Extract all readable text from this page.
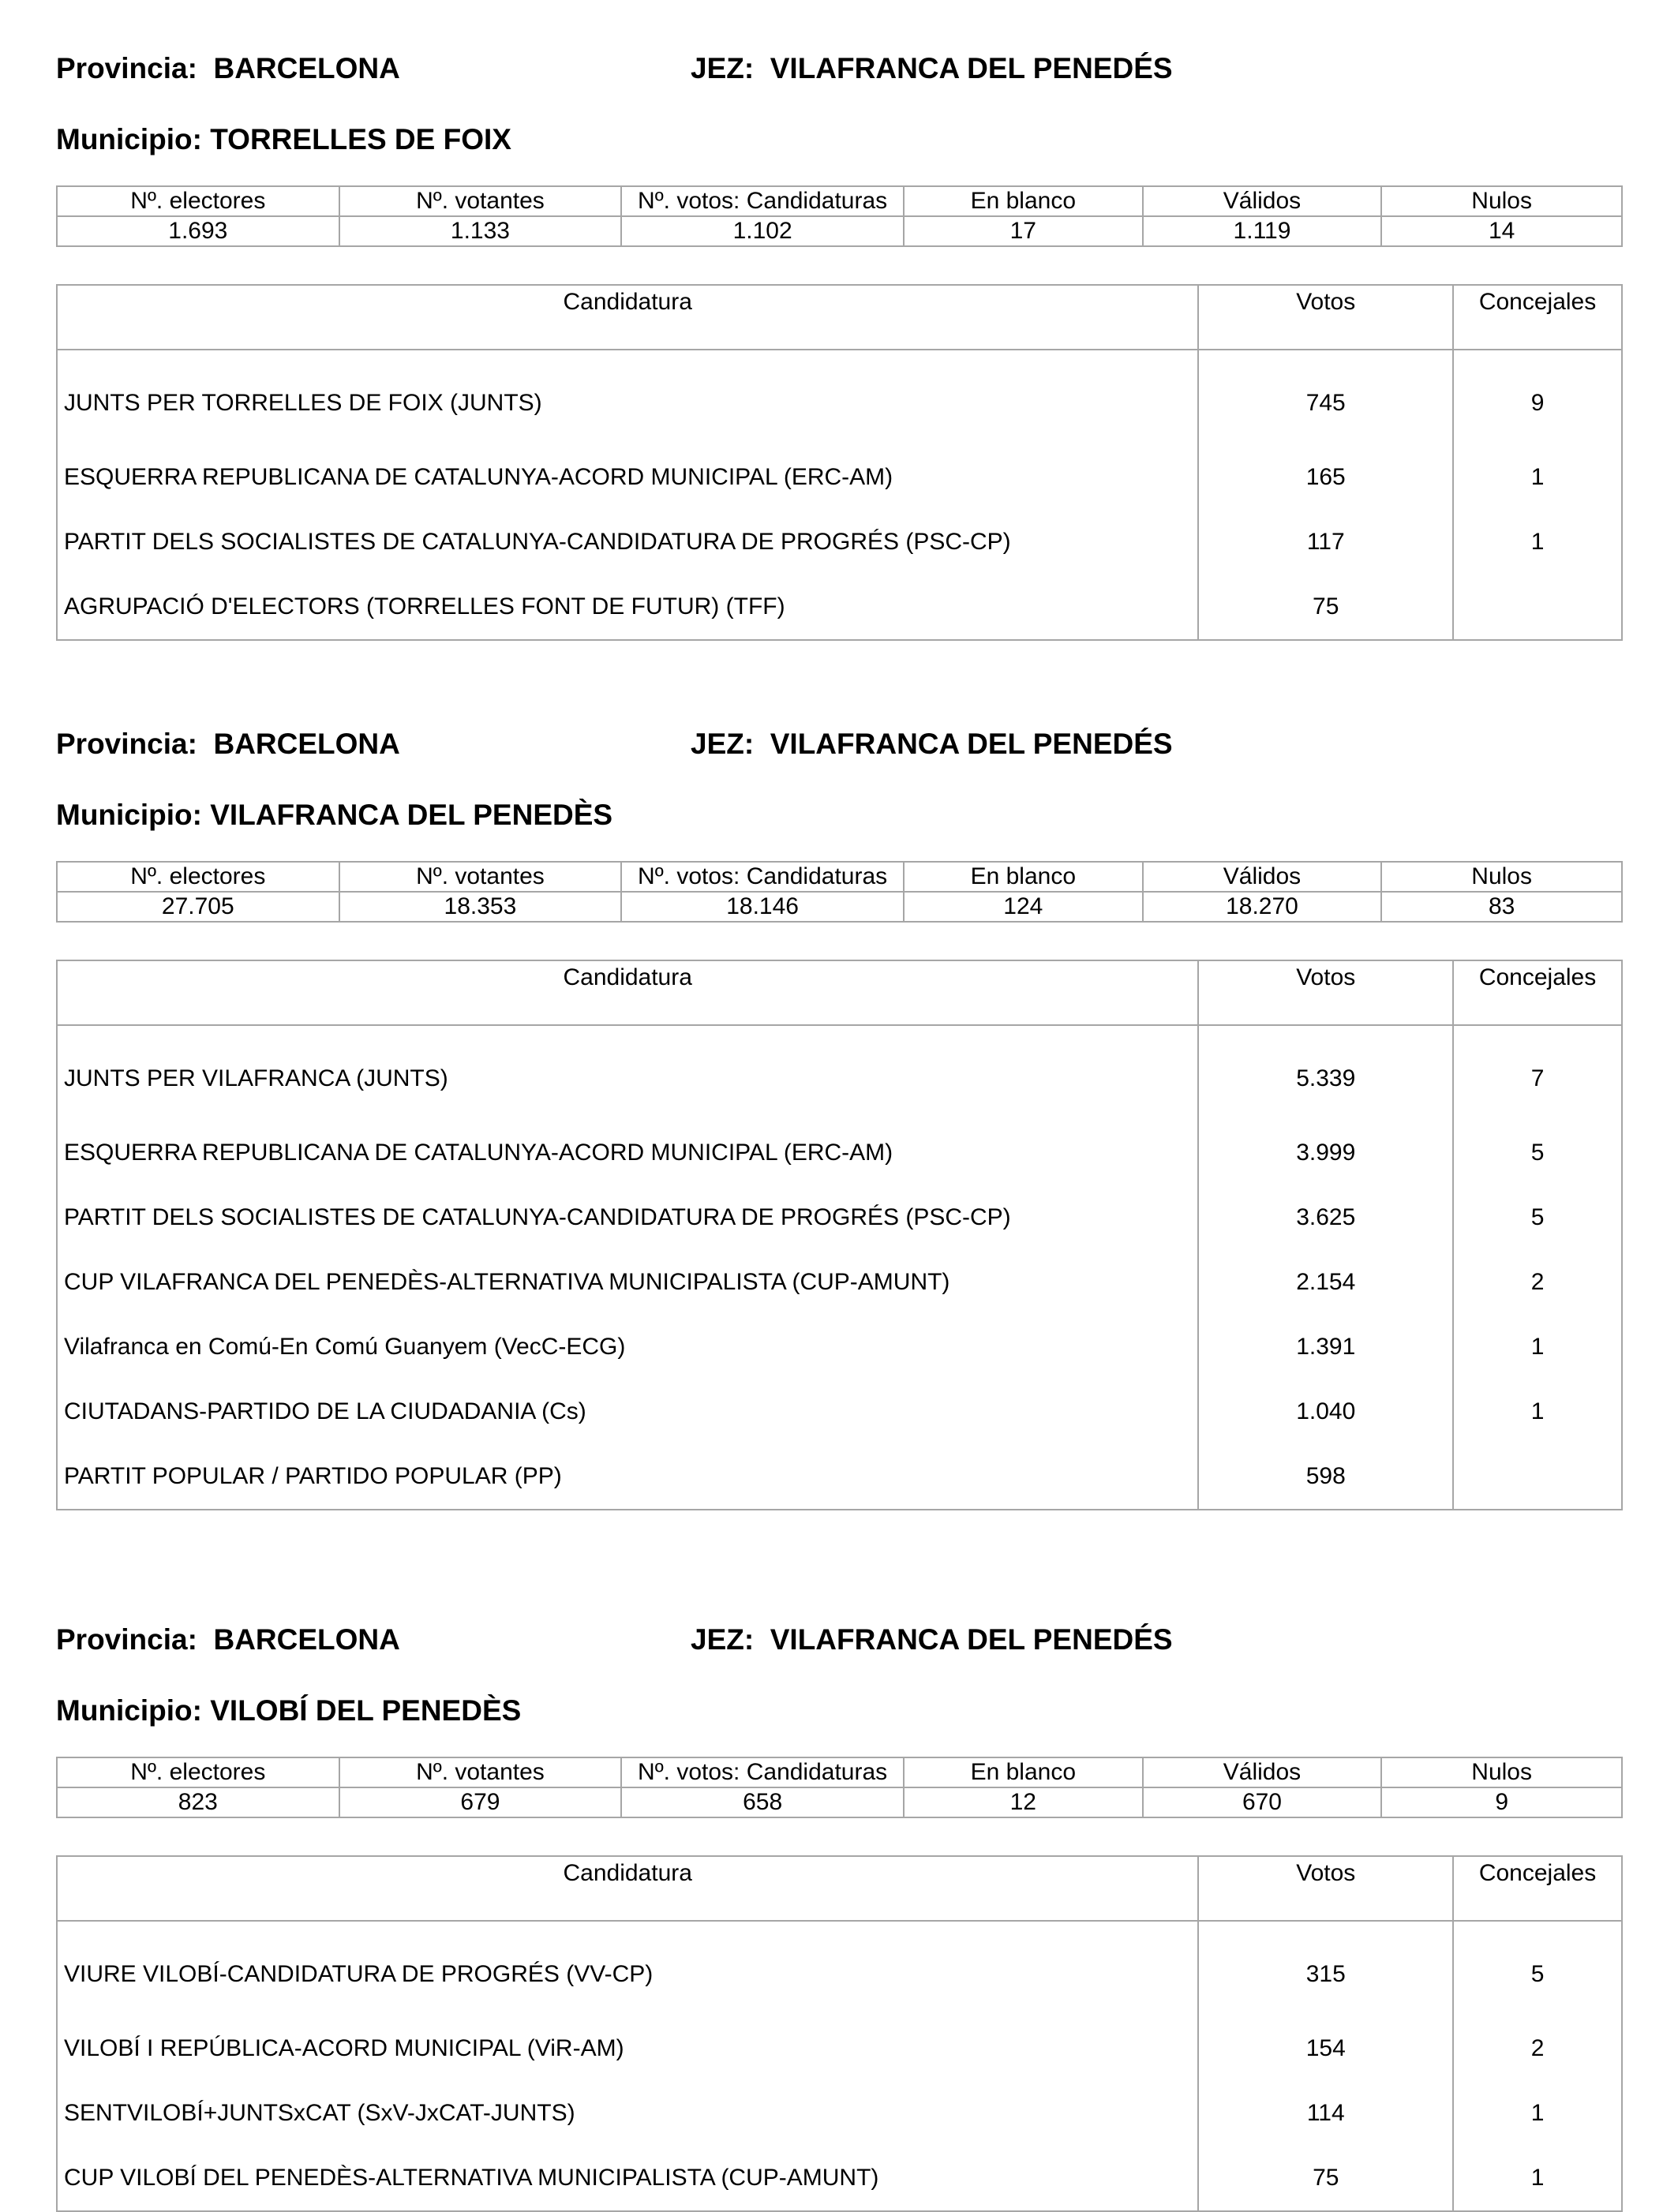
Provincia: BARCELONA	JEZ: VILAFRANCA DEL PENEDÉS
Municipio: TORRELLES DE FOIX
Nº. electores	Nº. votantes	Nº. votos: Candidaturas	En blanco	Válidos	Nulos
1.693	1.133	1.102	17	1.119	14
Candidatura	Votos	Concejales
JUNTS PER TORRELLES DE FOIX (JUNTS)	745	9
ESQUERRA REPUBLICANA DE CATALUNYA-ACORD MUNICIPAL (ERC-AM)	165	1
PARTIT DELS SOCIALISTES DE CATALUNYA-CANDIDATURA DE PROGRÉS (PSC-CP)	117	1
AGRUPACIÓ D'ELECTORS (TORRELLES FONT DE FUTUR) (TFF)	75	
Provincia: BARCELONA	JEZ: VILAFRANCA DEL PENEDÉS
Municipio: VILAFRANCA DEL PENEDÈS
Nº. electores	Nº. votantes	Nº. votos: Candidaturas	En blanco	Válidos	Nulos
27.705	18.353	18.146	124	18.270	83
Candidatura	Votos	Concejales
JUNTS PER VILAFRANCA (JUNTS)	5.339	7
ESQUERRA REPUBLICANA DE CATALUNYA-ACORD MUNICIPAL (ERC-AM)	3.999	5
PARTIT DELS SOCIALISTES DE CATALUNYA-CANDIDATURA DE PROGRÉS (PSC-CP)	3.625	5
CUP VILAFRANCA DEL PENEDÈS-ALTERNATIVA MUNICIPALISTA (CUP-AMUNT)	2.154	2
Vilafranca en Comú-En Comú Guanyem (VecC-ECG)	1.391	1
CIUTADANS-PARTIDO DE LA CIUDADANIA (Cs)	1.040	1
PARTIT POPULAR / PARTIDO POPULAR (PP)	598	
Provincia: BARCELONA	JEZ: VILAFRANCA DEL PENEDÉS
Municipio: VILOBÍ DEL PENEDÈS
Nº. electores	Nº. votantes	Nº. votos: Candidaturas	En blanco	Válidos	Nulos
823	679	658	12	670	9
Candidatura	Votos	Concejales
VIURE VILOBÍ-CANDIDATURA DE PROGRÉS (VV-CP)	315	5
VILOBÍ I REPÚBLICA-ACORD MUNICIPAL (ViR-AM)	154	2
SENTVILOBÍ+JUNTSxCAT (SxV-JxCAT-JUNTS)	114	1
CUP VILOBÍ DEL PENEDÈS-ALTERNATIVA MUNICIPALISTA (CUP-AMUNT)	75	1
